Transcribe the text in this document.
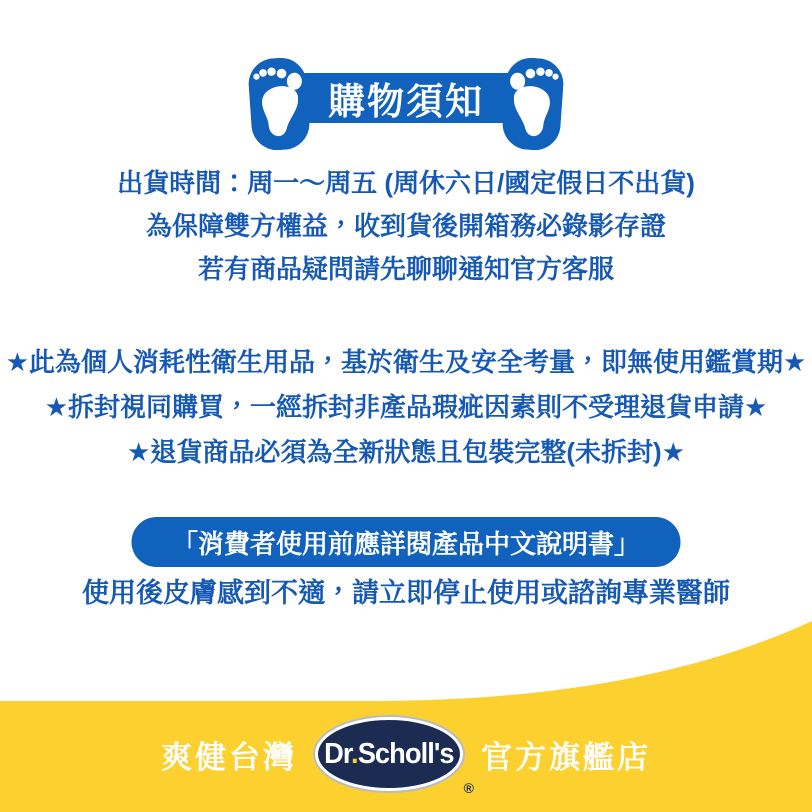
購物須知

出貨時間：周一～周五 (周休六日/國定假日不出貨)

為保障雙方權益，收到貨後開箱務必錄影存證

若有商品疑問請先聊聊通知官方客服

★此為個人消耗性衛生用品，基於衛生及安全考量，即無使用鑑賞期★

★拆封視同購買，一經拆封非產品瑕疵因素則不受理退貨申請★

★退貨商品必須為全新狀態且包裝完整(未拆封)★

「消費者使用前應詳閱產品中文說明書」
使用後皮膚感到不適，請立即停止使用或諮詢專業醫師
爽健台灣 Dr.Scholl's
®
官方旗艦店
